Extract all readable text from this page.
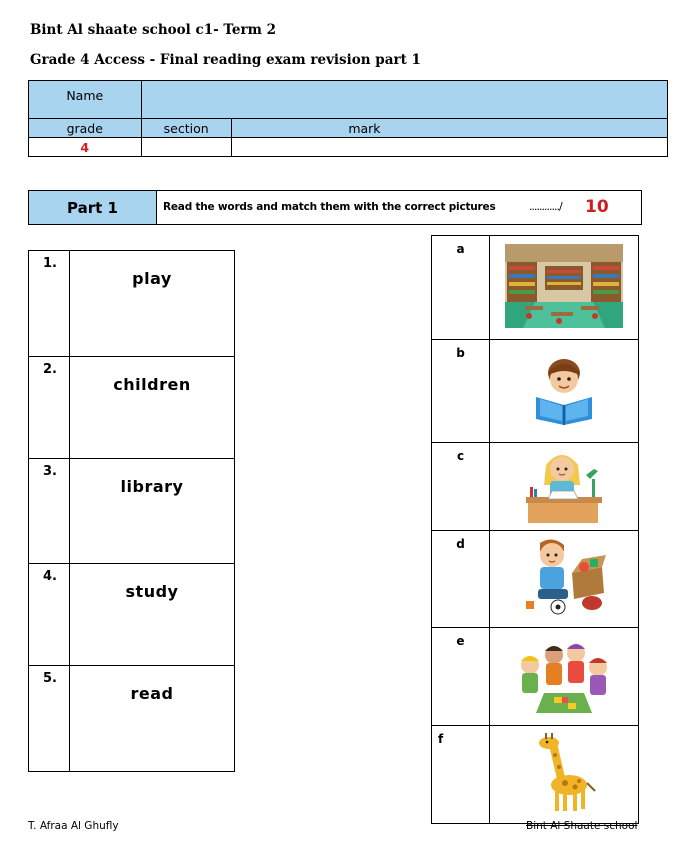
Bint Al shaate school c1- Term 2
Grade 4 Access - Final reading exam revision part 1
Name		
grade	section	mark
4		
Part 1	Read the words and match them with the correct pictures	............/ 10
1.	play
2.	children
3.	library
4.	study
5.	read
a	
b	
c	
d	
e	
f	
T. Afraa Al Ghufly	Bint Al Shaate school
